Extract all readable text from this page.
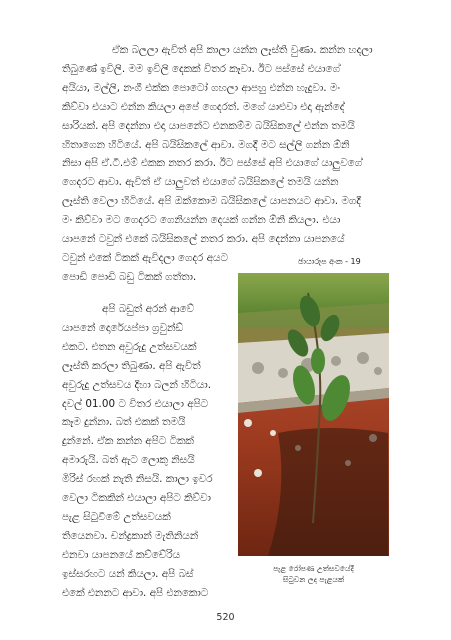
ඒක බලලා ඇවිත් අපි කාලා යන්න ලෑස්ති වුණා. කන්න හදලා
තිබුණේ ඉවිලි. මම ඉවිලි දෙකක් විතර කෑවා. ඊට පස්සේ එයාගේ
අයියා, මල්ලි, නංගී එක්ක පොටෝ ගහලා ආපහු එන්න හැදුවා. මං
කිව්වා එයාට එන්න කියලා අපේ ගෙදරත්. මගේ යාළුවා එදා ඇන්දේ
සාරියක්. අපි දෙන්නා එදා යාපනේට එනකම්ම බයිසිකලේ එන්න තමයි
හිතාගෙන හිටියේ. අපි බයිසිකලේ ආවා. මගදී මට සල්ලි ගන්න ඕනි
නිසා අපි ඒ.ටී.එම් එකක නතර කරා. ඊට පස්සේ අපි එයාගේ යාලුවගේ
ගෙදරට ආවා. ඇවිත් ඒ යාලුවත් එයාගේ බයිසිකලේ තමයි යන්න
ලෑස්ති වෙලා හිටියේ. අපි ඔක්කොම බයිසිකලේ යාපනයට ආවා. මගදී
මං කිව්වා මට ගෙදරට ගෙනියන්න දෙයක් ගන්න ඕනි කියලා. එයා
යාපනේ ටවුන් එකේ බයිසිකලේ නතර කරා. අපි දෙන්නා යාපනයේ
ටවුන් එකේ ටිකක් ඇවිදලා ගෙදර අයට
පොඩි පොඩි බඩු ටිකක් ගත්තා.
ඡායාරූප අංක - 19
පැළ රෝපණ උත්සවයේදී
සිටුවන ලද පැළයක්
අපි බඩුත් අරන් ආවේ
යාපනේ දොරේයප්පා ග්‍රවුන්ඩ්
එකට. එතන අවුරුදු උත්සවයක්
ලෑස්ති කරලා තිබුණා. අපි ඇවිත්
අවුරුදු උත්සවය දිහා බලන් හිටියා.
දවල් 01.00 ට විතර එයාලා අපිට
කෑම දුන්නා. බත් එකක් තමයි
දුන්නේ. ඒක කන්න අපිට ටිකක්
අමාරුයි. බත් ඇට ලොකු නිසයි
මිරිස් රහක් නැති නිසයි. කාලා ඉවර
වෙලා ටිකකින් එයාලා අපිට කිව්වා
පැළ සිටුවීමේ උත්සවයක්
තියෙනවා. චන්ද්‍රකාන් මැතිනියන්
එනවා යාපනයේ කච්චේරිය
ඉස්සරහට යන් කියලා. අපි බස්
එකේ එනනට ආවා. අපි එනකොට
520
